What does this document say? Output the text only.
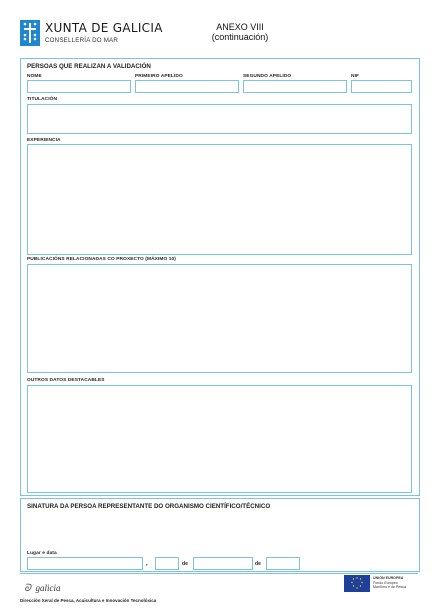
XUNTA DE GALICIA
CONSELLERÍA DO MAR
ANEXO VIII
(continuación)
PERSOAS QUE REALIZAN A VALIDACIÓN
NOME	PRIMEIRO APELIDO	SEGUNDO APELIDO	NIF
TITULACIÓN
EXPERIENCIA
PUBLICACIÓNS RELACIONADAS CO PROXECTO (MÁXIMO 10)
OUTROS DATOS DESTACABLES
SINATURA DA PERSOA REPRESENTANTE DO ORGANISMO CIENTÍFICO/TÉCNICO
Lugar e data
,	de	de
ᘐ galicia
UNIÓN EUROPEA
Fondo Europeo
Marítimo e de Pesca
Dirección Xeral de Pesca, Acuicultura e Innovación Tecnolóxica
